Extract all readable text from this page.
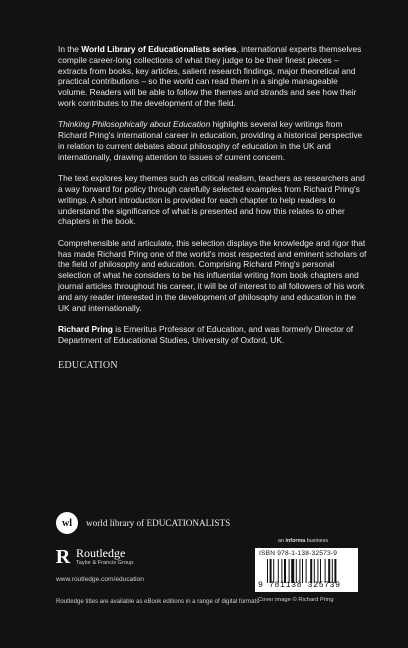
In the World Library of Educationalists series, international experts themselves compile career-long collections of what they judge to be their finest pieces – extracts from books, key articles, salient research findings, major theoretical and practical contributions – so the world can read them in a single manageable volume. Readers will be able to follow the themes and strands and see how their work contributes to the development of the field.

Thinking Philosophically about Education highlights several key writings from Richard Pring's international career in education, providing a historical perspective in relation to current debates about philosophy of education in the UK and internationally, drawing attention to issues of current concern.

The text explores key themes such as critical realism, teachers as researchers and a way forward for policy through carefully selected examples from Richard Pring's writings. A short introduction is provided for each chapter to help readers to understand the significance of what is presented and how this relates to other chapters in the book.

Comprehensible and articulate, this selection displays the knowledge and rigor that has made Richard Pring one of the world's most respected and eminent scholars of the field of philosophy and education. Comprising Richard Pring's personal selection of what he considers to be his influential writing from book chapters and journal articles throughout his career, it will be of interest to all followers of his work and any reader interested in the development of philosophy and education in the UK and internationally.

Richard Pring is Emeritus Professor of Education, and was formerly Director of Department of Educational Studies, University of Oxford, UK.

EDUCATION
wl	world library of EDUCATIONALISTS
R Routledge
Taylor & Francis Group
www.routledge.com/education
Routledge titles are available as eBook editions in a range of digital formats
an informa business
ISBN 978-1-138-32573-9
9 781138 325739
Cover image © Richard Pring
